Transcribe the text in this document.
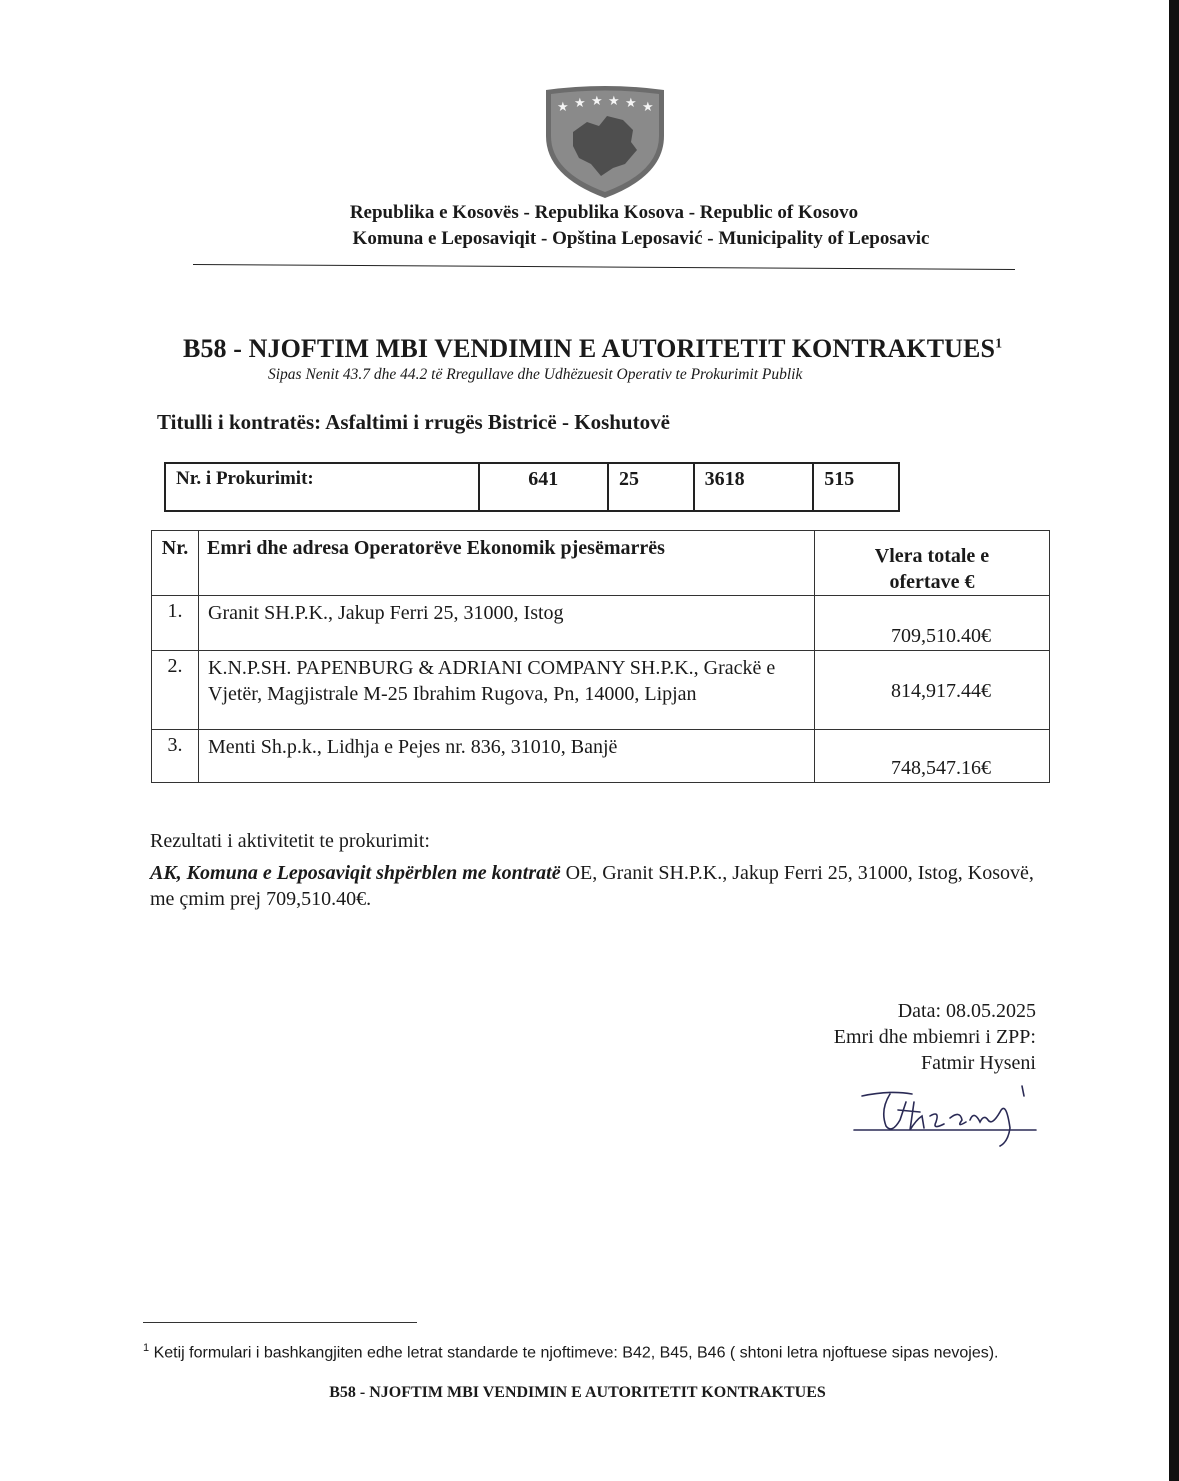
★ ★ ★ ★ ★ ★
Republika e Kosovës - Republika Kosova - Republic of Kosovo
Komuna e Leposaviqit - Opština Leposavić - Municipality of Leposavic
B58 - NJOFTIM MBI VENDIMIN E AUTORITETIT KONTRAKTUES$^1$
Sipas Nenit 43.7 dhe 44.2 të Rregullave dhe Udhëzuesit Operativ te Prokurimit Publik
Titulli i kontratës: Asfaltimi i rrugës Bistricë - Koshutovë
Nr. i Prokurimit:	641	25	3618	515
Nr.	Emri dhe adresa Operatorëve Ekonomik pjesëmarrës	Vlera totale e
ofertave €
1.	Granit SH.P.K., Jakup Ferri 25, 31000, Istog	709,510.40€
2.	K.N.P.SH. PAPENBURG & ADRIANI COMPANY SH.P.K., Grackë e Vjetër, Magjistrale M-25 Ibrahim Rugova, Pn, 14000, Lipjan	814,917.44€
3.	Menti Sh.p.k., Lidhja e Pejes nr. 836, 31010, Banjë	748,547.16€
Rezultati i aktivitetit te prokurimit:
AK, Komuna e Leposaviqit shpërblen me kontratë OE, Granit SH.P.K., Jakup Ferri 25, 31000, Istog, Kosovë, me çmim prej 709,510.40€.
Data: 08.05.2025
Emri dhe mbiemri i ZPP:
Fatmir Hyseni
$^1$ Ketij formulari i bashkangjiten edhe letrat standarde te njoftimeve: B42, B45, B46 ( shtoni letra njoftuese sipas nevojes).
B58 - NJOFTIM MBI VENDIMIN E AUTORITETIT KONTRAKTUES
